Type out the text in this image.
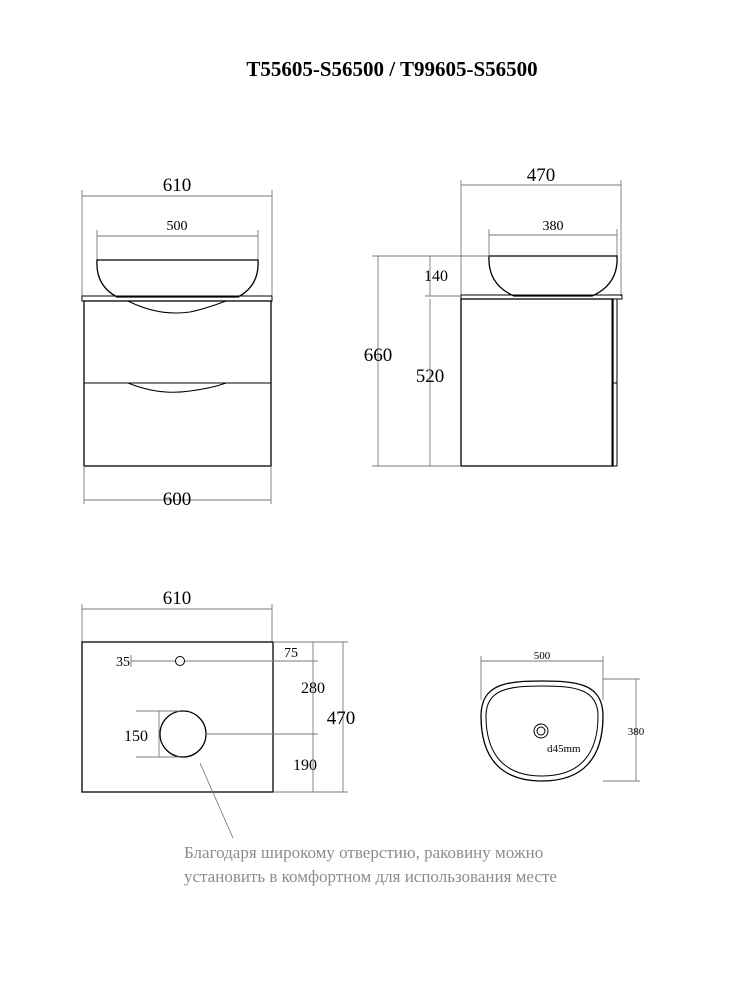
T55605-S56500 / T99605-S56500
610
500
600
470
380
660
140
520
610
35
75
150
280
190
470
500
d45mm
380
Благодаря широкому отверстию, раковину можно
установить в комфортном для использования месте
